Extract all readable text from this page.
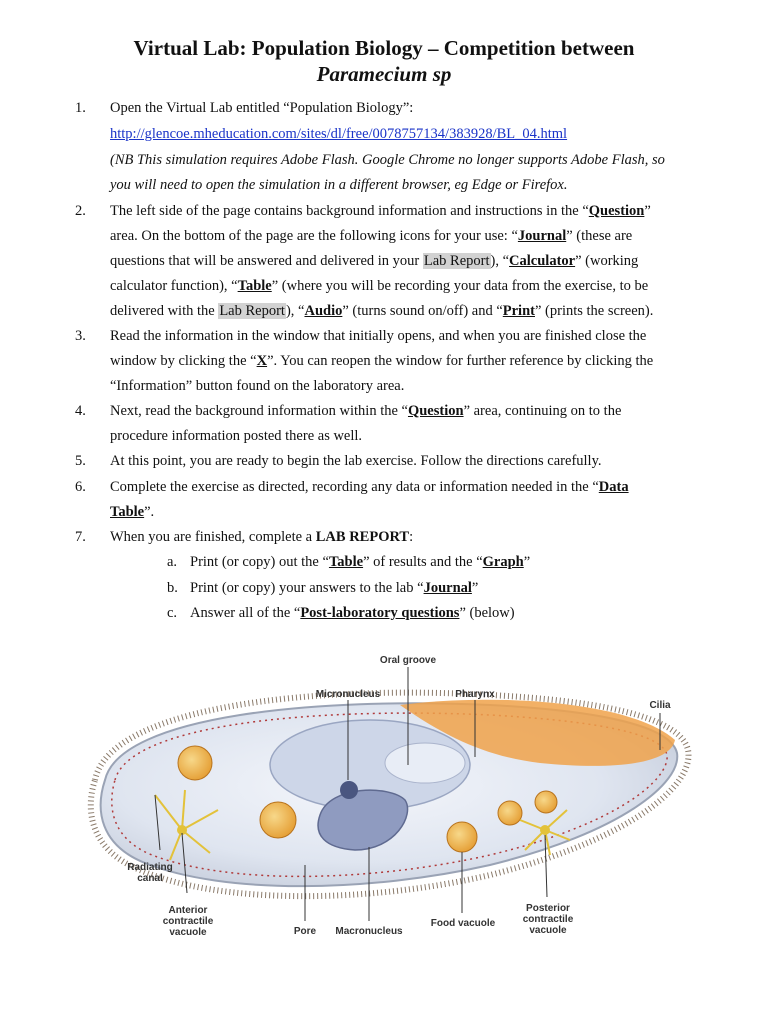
Virtual Lab: Population Biology – Competition between
Paramecium sp
1. Open the Virtual Lab entitled “Population Biology”:
http://glencoe.mheducation.com/sites/dl/free/0078757134/383928/BL_04.html
(NB This simulation requires Adobe Flash. Google Chrome no longer supports Adobe Flash, so
you will need to open the simulation in a different browser, eg Edge or Firefox.
2. The left side of the page contains background information and instructions in the “Question”
area. On the bottom of the page are the following icons for your use: “Journal” (these are
questions that will be answered and delivered in your Lab Report), “Calculator” (working
calculator function), “Table” (where you will be recording your data from the exercise, to be
delivered with the Lab Report), “Audio” (turns sound on/off) and “Print” (prints the screen).
3. Read the information in the window that initially opens, and when you are finished close the
window by clicking the “X”. You can reopen the window for further reference by clicking the
“Information” button found on the laboratory area.
4. Next, read the background information within the “Question” area, continuing on to the
procedure information posted there as well.
5. At this point, you are ready to begin the lab exercise. Follow the directions carefully.
6. Complete the exercise as directed, recording any data or information needed in the “Data
Table”.
7. When you are finished, complete a LAB REPORT:
a. Print (or copy) out the “Table” of results and the “Graph”
b. Print (or copy) your answers to the lab “Journal”
c. Answer all of the “Post-laboratory questions” (below)
Oral groove
Micronucleus	Pharynx
Cilia
Radiating
canal
Anterior
contractile
vacuole	Pore Macronucleus
Food vacuole
Posterior
contractile
vacuole
